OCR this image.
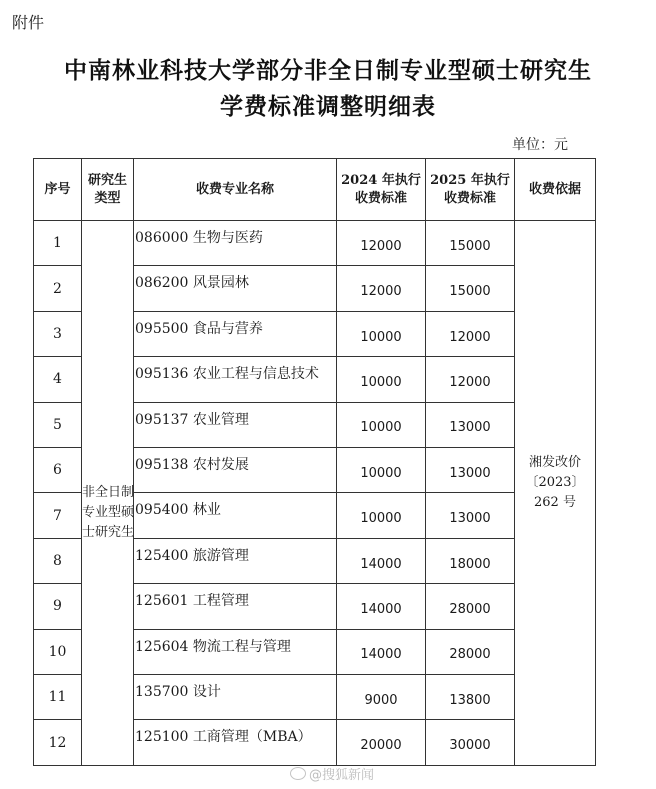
附件
中南林业科技大学部分非全日制专业型硕士研究生
学费标准调整明细表
单位：元
序号	研究生类型	收费专业名称	2024 年执行收费标准	2025 年执行收费标准	收费依据
1	非全日制专业型硕士研究生	086000 生物与医药	12000	15000	湘发改价〔2023〕262 号

2		086200 风景园林	12000	15000	
3		095500 食品与营养	10000	12000	
4		095136 农业工程与信息技术	10000	12000	
5		095137 农业管理	10000	13000	
6		095138 农村发展	10000	13000	
7		095400 林业	10000	13000	
8		125400 旅游管理	14000	18000	
9		125601 工程管理	14000	28000	
10		125604 物流工程与管理	14000	28000	
11		135700 设计	9000	13800	
12		125100 工商管理（MBA）	20000	30000	
@搜狐新闻
